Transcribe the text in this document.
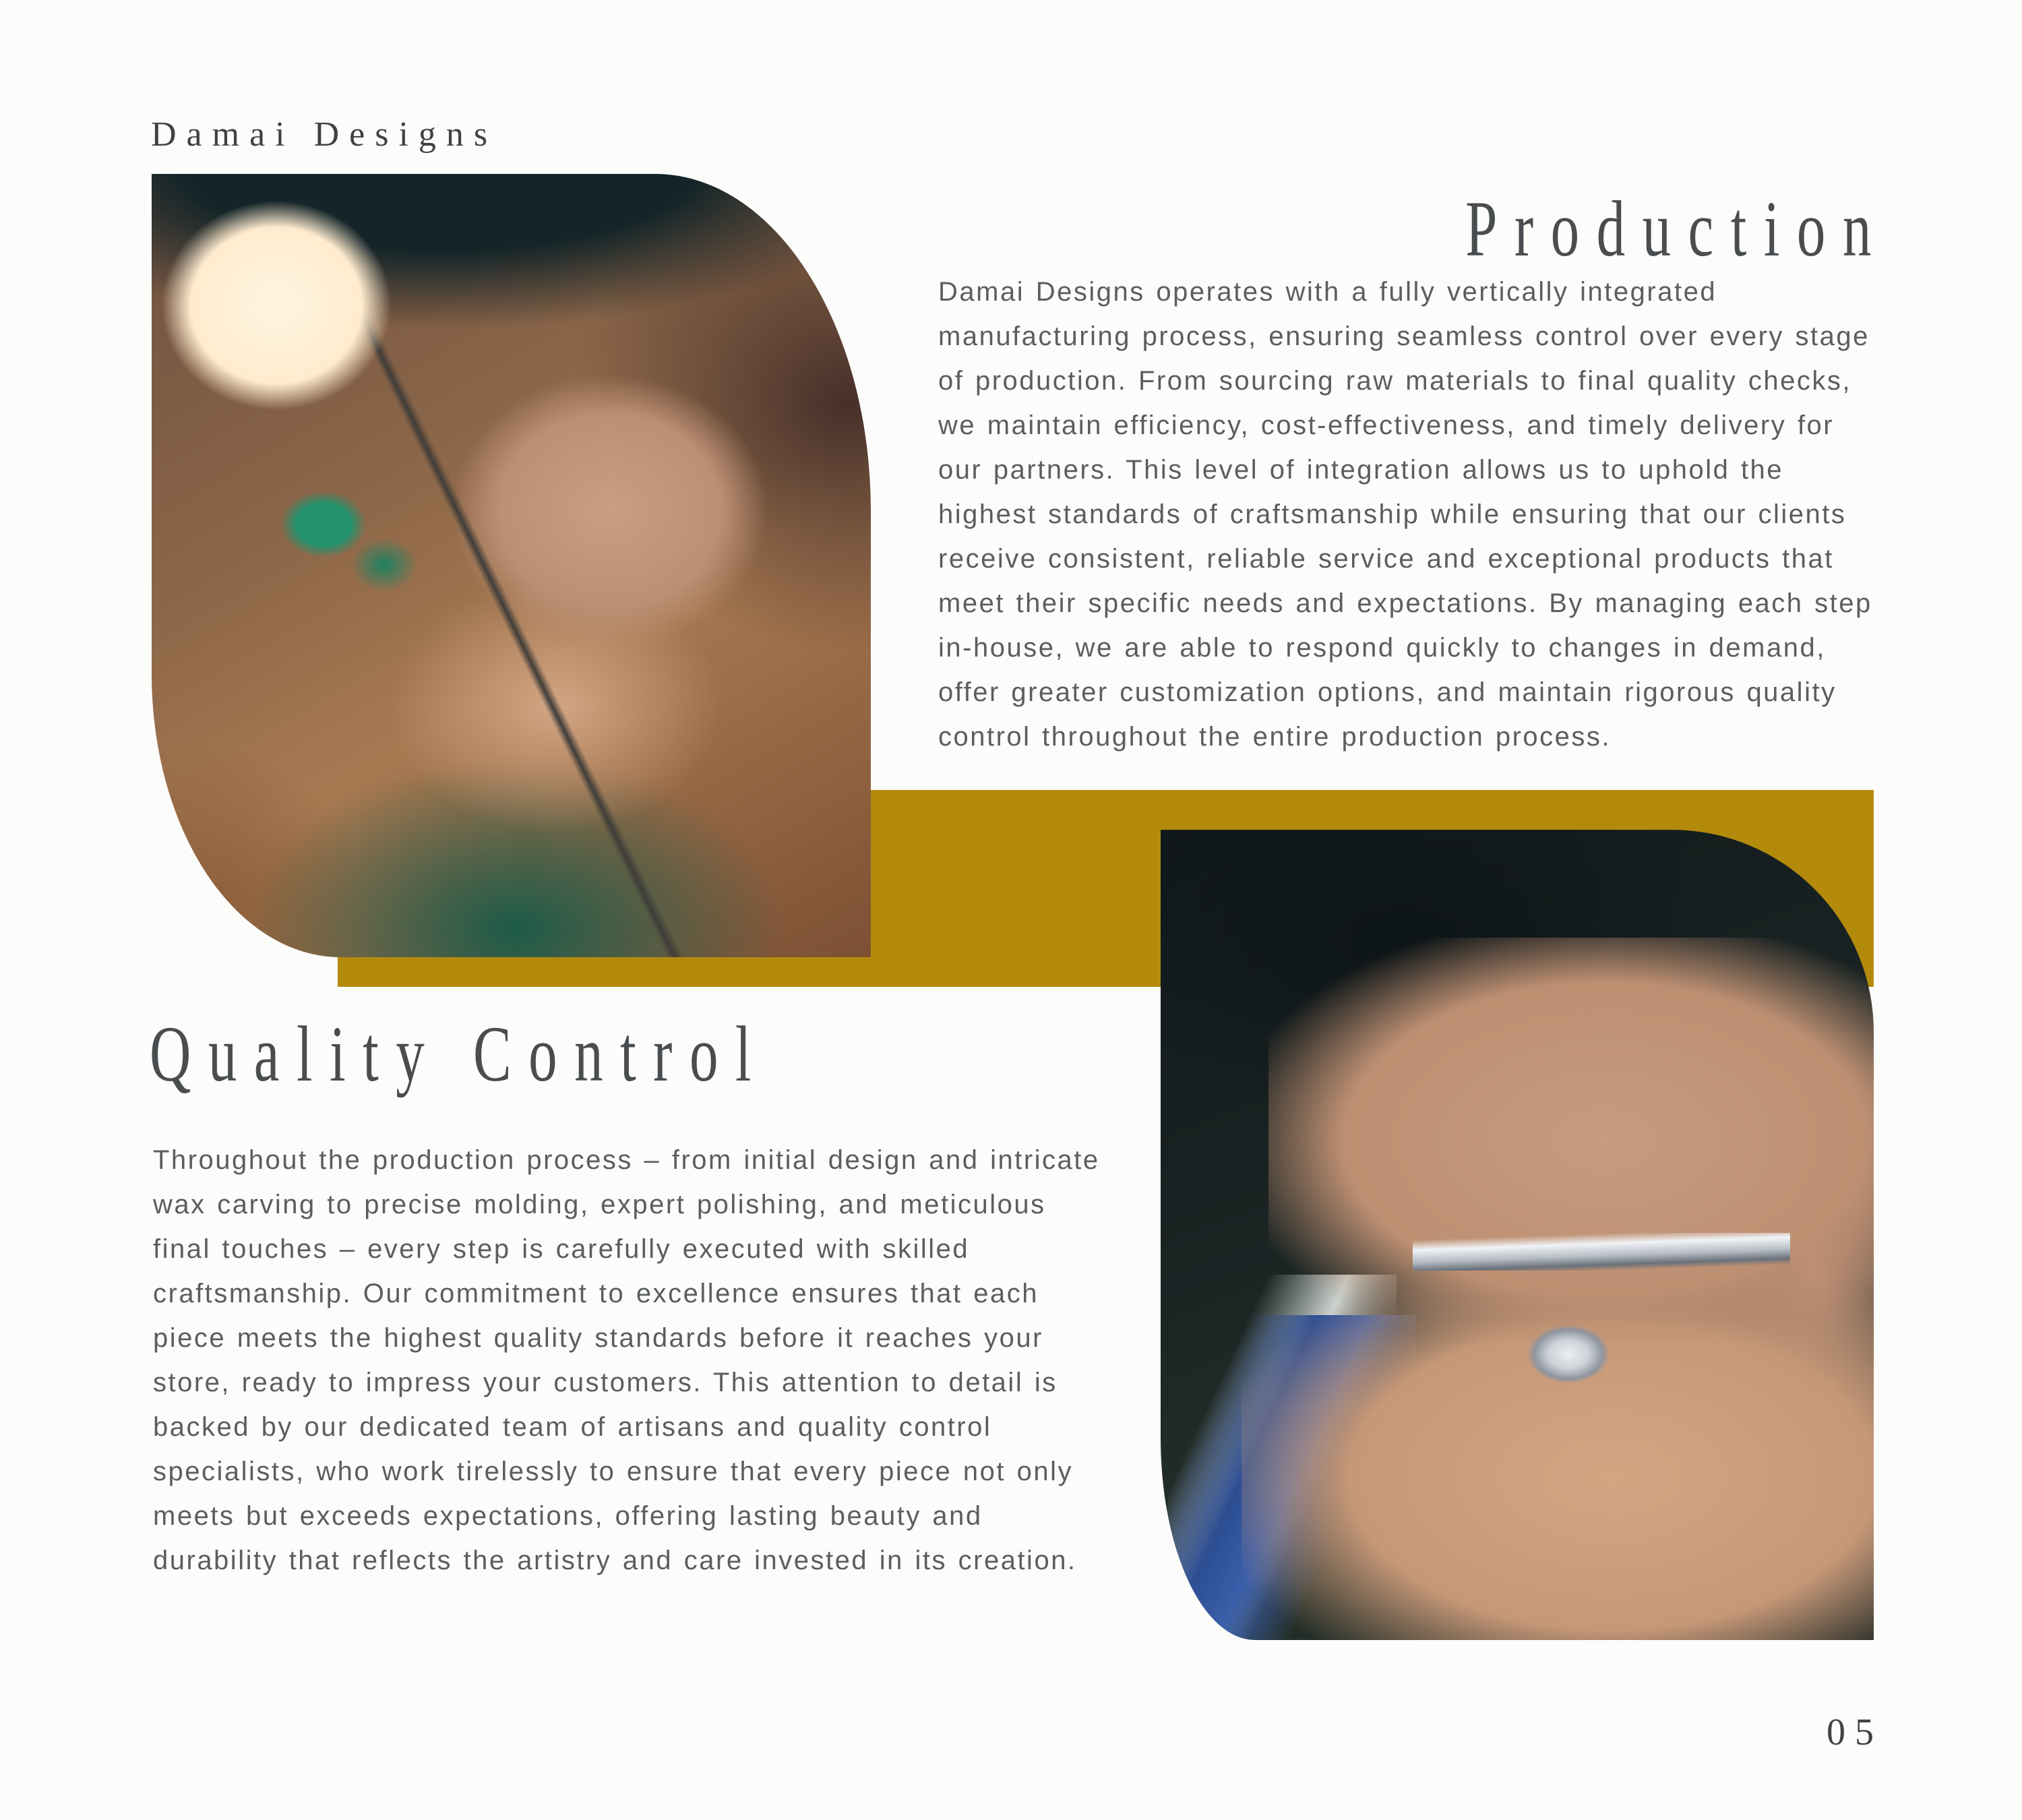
Damai Designs
Production

Damai Designs operates with a fully vertically integrated manufacturing process, ensuring seamless control over every stage of production. From sourcing raw materials to final quality checks, we maintain efficiency, cost-effectiveness, and timely delivery for our partners. This level of integration allows us to uphold the highest standards of craftsmanship while ensuring that our clients receive consistent, reliable service and exceptional products that meet their specific needs and expectations. By managing each step in-house, we are able to respond quickly to changes in demand, offer greater customization options, and maintain rigorous quality control throughout the entire production process.

Quality Control

Throughout the production process – from initial design and intricate wax carving to precise molding, expert polishing, and meticulous final touches – every step is carefully executed with skilled craftsmanship. Our commitment to excellence ensures that each piece meets the highest quality standards before it reaches your store, ready to impress your customers. This attention to detail is backed by our dedicated team of artisans and quality control specialists, who work tirelessly to ensure that every piece not only meets but exceeds expectations, offering lasting beauty and durability that reflects the artistry and care invested in its creation.

05
